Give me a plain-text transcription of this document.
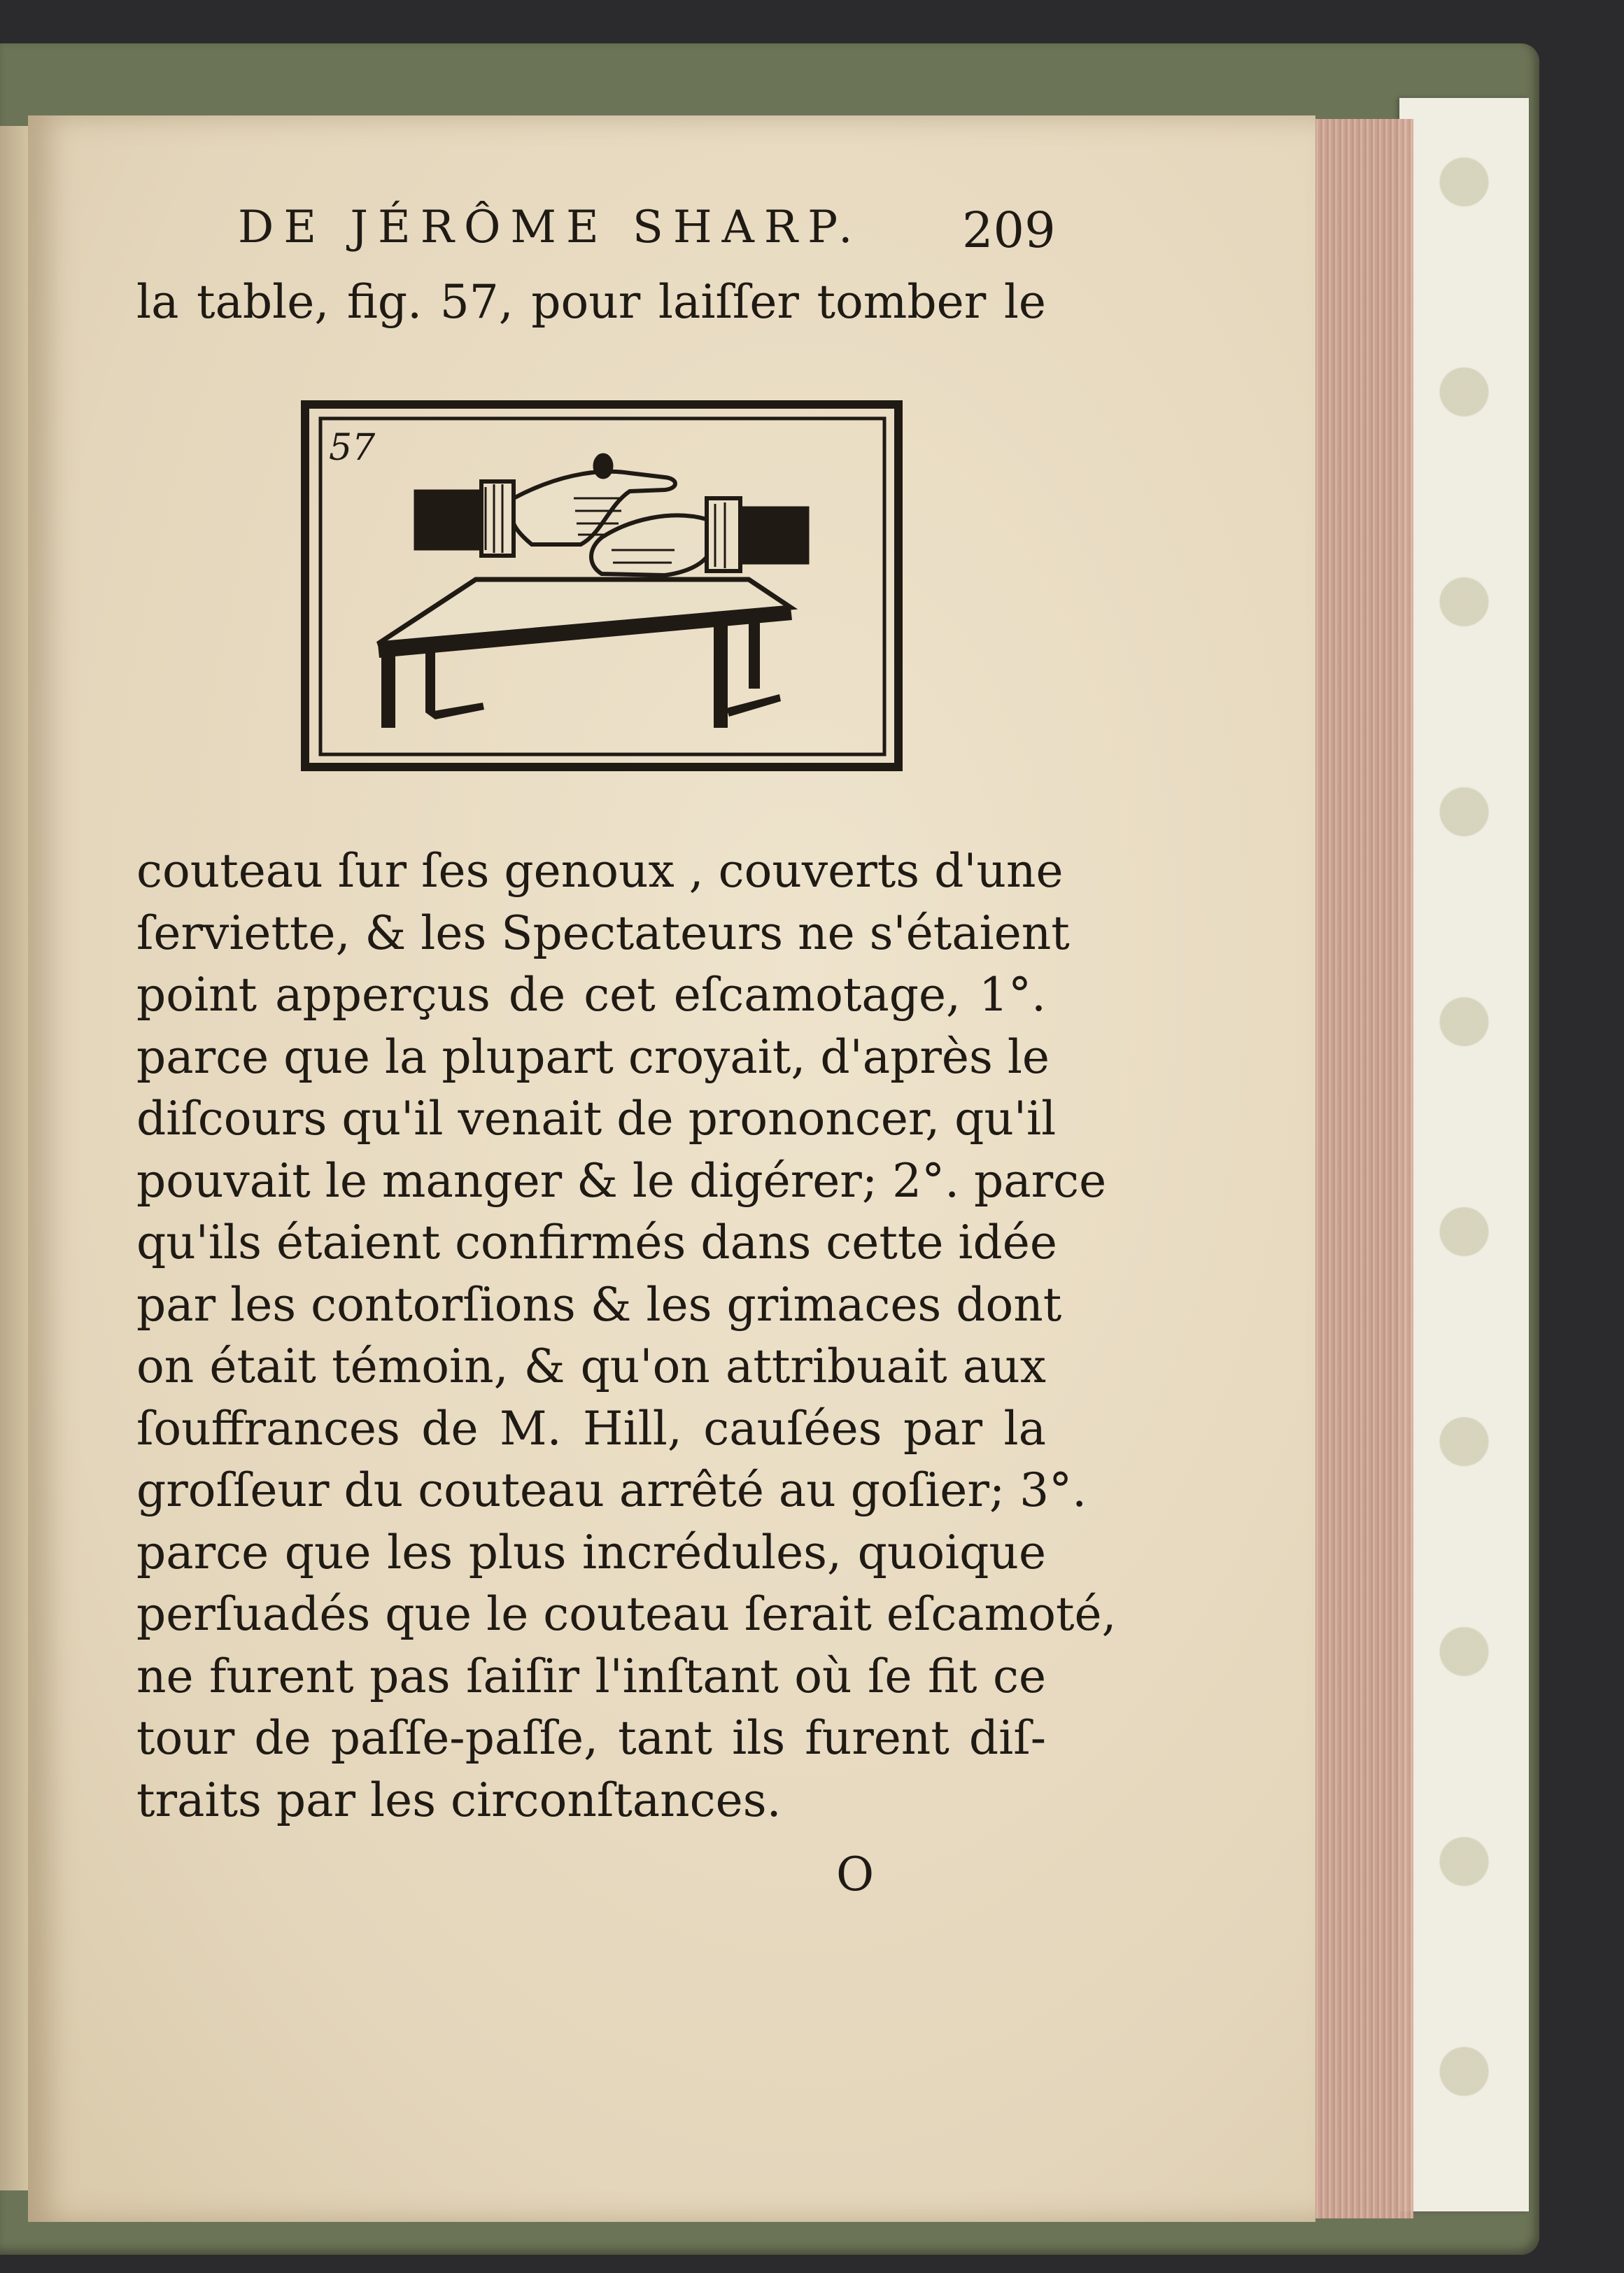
DE JÉRÔME SHARP.	209
la table, fig. 57, pour laiſſer tomber le
57
couteau ſur ſes genoux , couverts d'une
ſerviette, & les Spectateurs ne s'étaient
point apperçus de cet eſcamotage, 1°.
parce que la plupart croyait, d'après le
diſcours qu'il venait de prononcer, qu'il
pouvait le manger & le digérer; 2°. parce
qu'ils étaient confirmés dans cette idée
par les contorſions & les grimaces dont
on était témoin, & qu'on attribuait aux
ſouffrances de M. Hill, cauſées par la
groſſeur du couteau arrêté au goſier; 3°.
parce que les plus incrédules, quoique
perſuadés que le couteau ſerait eſcamoté,
ne furent pas ſaiſir l'inſtant où ſe fit ce
tour de paſſe-paſſe, tant ils furent diſ-
traits par les circonſtances.
O
